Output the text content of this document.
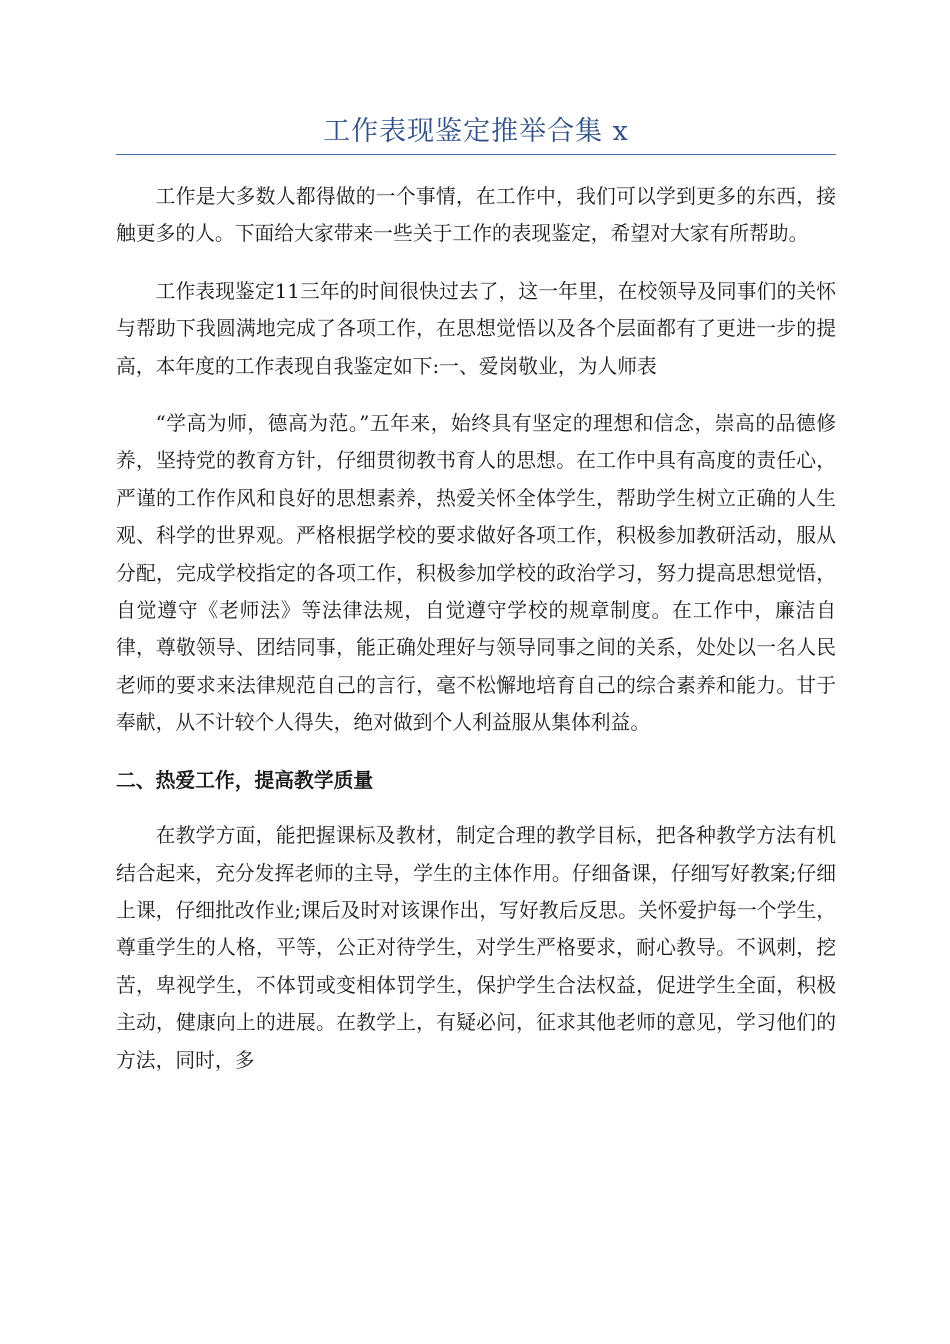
工作表现鉴定推举合集 x

工作是大多数人都得做的一个事情，在工作中，我们可以学到更多的东西，接触更多的人。下面给大家带来一些关于工作的表现鉴定，希望对大家有所帮助。

工作表现鉴定11三年的时间很快过去了，这一年里，在校领导及同事们的关怀与帮助下我圆满地完成了各项工作，在思想觉悟以及各个层面都有了更进一步的提高，本年度的工作表现自我鉴定如下:一、爱岗敬业，为人师表

“学高为师，德高为范。”五年来，始终具有坚定的理想和信念，崇高的品德修养，坚持党的教育方针，仔细贯彻教书育人的思想。在工作中具有高度的责任心，严谨的工作作风和良好的思想素养，热爱关怀全体学生，帮助学生树立正确的人生观、科学的世界观。严格根据学校的要求做好各项工作，积极参加教研活动，服从分配，完成学校指定的各项工作，积极参加学校的政治学习，努力提高思想觉悟，自觉遵守《老师法》等法律法规，自觉遵守学校的规章制度。在工作中，廉洁自律，尊敬领导、团结同事，能正确处理好与领导同事之间的关系，处处以一名人民老师的要求来法律规范自己的言行，毫不松懈地培育自己的综合素养和能力。甘于奉献，从不计较个人得失，绝对做到个人利益服从集体利益。

二、热爱工作，提高教学质量

在教学方面，能把握课标及教材，制定合理的教学目标，把各种教学方法有机结合起来，充分发挥老师的主导，学生的主体作用。仔细备课，仔细写好教案;仔细上课，仔细批改作业;课后及时对该课作出，写好教后反思。关怀爱护每一个学生，尊重学生的人格，平等，公正对待学生，对学生严格要求，耐心教导。不讽刺，挖苦，卑视学生，不体罚或变相体罚学生，保护学生合法权益，促进学生全面，积极主动，健康向上的进展。在教学上，有疑必问，征求其他老师的意见，学习他们的方法，同时，多
